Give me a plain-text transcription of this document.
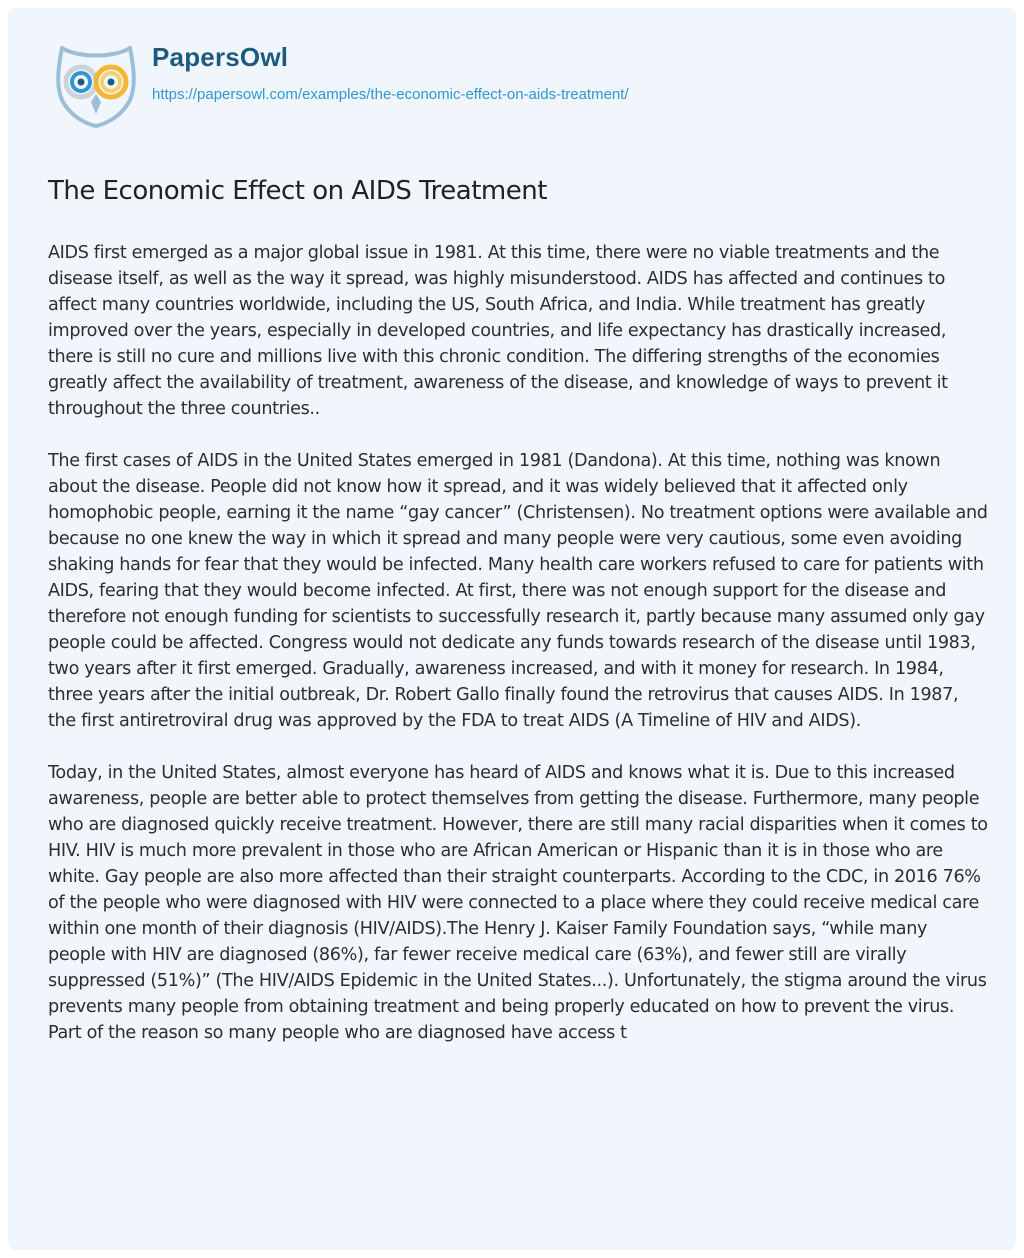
PapersOwl
https://papersowl.com/examples/the-economic-effect-on-aids-treatment/
The Economic Effect on AIDS Treatment

AIDS first emerged as a major global issue in 1981. At this time, there were no viable treatments and the disease itself, as well as the way it spread, was highly misunderstood. AIDS has affected and continues to affect many countries worldwide, including the US, South Africa, and India. While treatment has greatly improved over the years, especially in developed countries, and life expectancy has drastically increased, there is still no cure and millions live with this chronic condition. The differing strengths of the economies greatly affect the availability of treatment, awareness of the disease, and knowledge of ways to prevent it throughout the three countries..

The first cases of AIDS in the United States emerged in 1981 (Dandona). At this time, nothing was known about the disease. People did not know how it spread, and it was widely believed that it affected only homophobic people, earning it the name “gay cancer” (Christensen). No treatment options were available and because no one knew the way in which it spread and many people were very cautious, some even avoiding shaking hands for fear that they would be infected. Many health care workers refused to care for patients with AIDS, fearing that they would become infected. At first, there was not enough support for the disease and therefore not enough funding for scientists to successfully research it, partly because many assumed only gay people could be affected. Congress would not dedicate any funds towards research of the disease until 1983, two years after it first emerged. Gradually, awareness increased, and with it money for research. In 1984, three years after the initial outbreak, Dr. Robert Gallo finally found the retrovirus that causes AIDS. In 1987, the first antiretroviral drug was approved by the FDA to treat AIDS (A Timeline of HIV and AIDS).

Today, in the United States, almost everyone has heard of AIDS and knows what it is. Due to this increased awareness, people are better able to protect themselves from getting the disease. Furthermore, many people who are diagnosed quickly receive treatment. However, there are still many racial disparities when it comes to HIV. HIV is much more prevalent in those who are African American or Hispanic than it is in those who are white. Gay people are also more affected than their straight counterparts. According to the CDC, in 2016 76% of the people who were diagnosed with HIV were connected to a place where they could receive medical care within one month of their diagnosis (HIV/AIDS).The Henry J. Kaiser Family Foundation says, “while many people with HIV are diagnosed (86%), far fewer receive medical care (63%), and fewer still are virally suppressed (51%)” (The HIV/AIDS Epidemic in the United States...). Unfortunately, the stigma around the virus prevents many people from obtaining treatment and being properly educated on how to prevent the virus. Part of the reason so many people who are diagnosed have access t
